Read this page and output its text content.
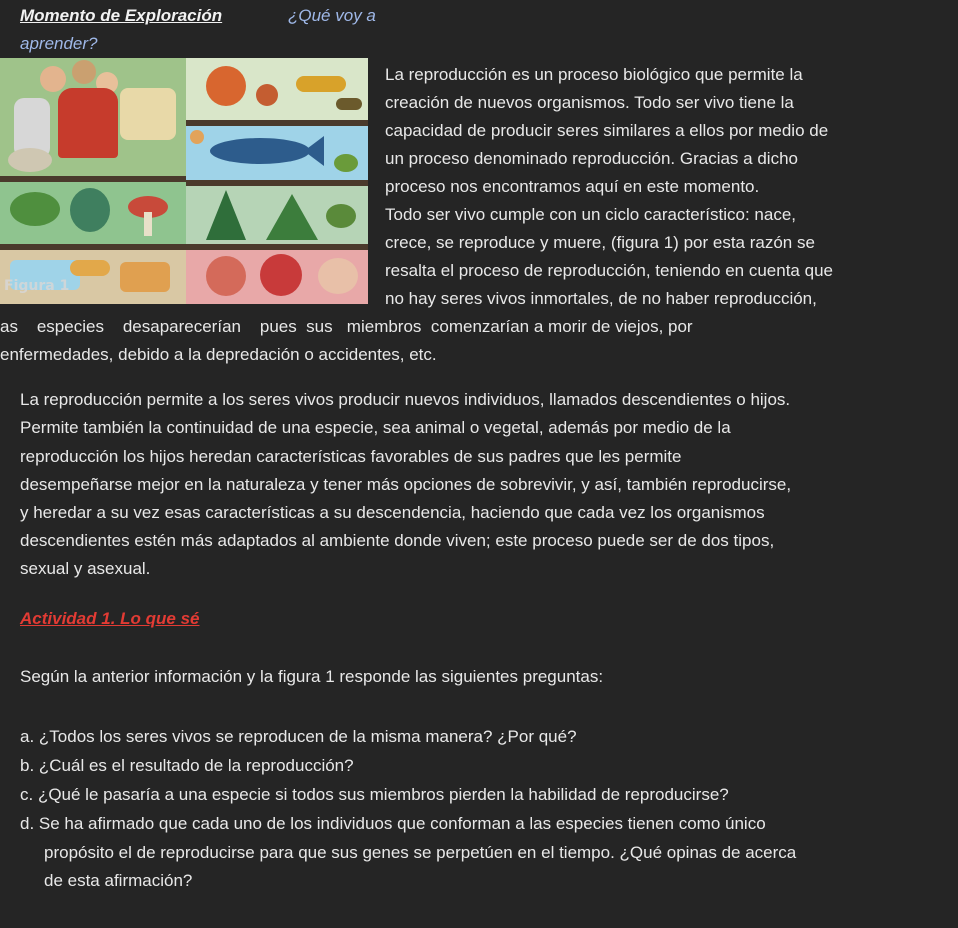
Momento de Exploración	¿Qué voy a
aprender?
Figura 1
La reproducción es un proceso biológico que permite la
creación de nuevos organismos. Todo ser vivo tiene la
capacidad de producir seres similares a ellos por medio de
un proceso denominado reproducción. Gracias a dicho
proceso nos encontramos aquí en este momento.
Todo ser vivo cumple con un ciclo característico: nace,
crece, se reproduce y muere, (figura 1) por esta razón se
resalta el proceso de reproducción, teniendo en cuenta que
no hay seres vivos inmortales, de no haber reproducción,
as    especies    desaparecerían    pues  sus   miembros  comenzarían a morir de viejos, por
enfermedades, debido a la depredación o accidentes, etc.
La reproducción permite a los seres vivos producir nuevos individuos, llamados descendientes o hijos.
Permite también la continuidad de una especie, sea animal o vegetal, además por medio de la
reproducción los hijos heredan características favorables de sus padres que les permite
desempeñarse mejor en la naturaleza y tener más opciones de sobrevivir, y así, también reproducirse,
y heredar a su vez esas características a su descendencia, haciendo que cada vez los organismos
descendientes estén más adaptados al ambiente donde viven; este proceso puede ser de dos tipos,
sexual y asexual.
Actividad 1. Lo que sé
Según la anterior información y la figura 1 responde las siguientes preguntas:
a. ¿Todos los seres vivos se reproducen de la misma manera? ¿Por qué?
b. ¿Cuál es el resultado de la reproducción?
c. ¿Qué le pasaría a una especie si todos sus miembros pierden la habilidad de reproducirse?
d. Se ha afirmado que cada uno de los individuos que conforman a las especies tienen como único
propósito el de reproducirse para que sus genes se perpetúen en el tiempo. ¿Qué opinas de acerca
de esta afirmación?
